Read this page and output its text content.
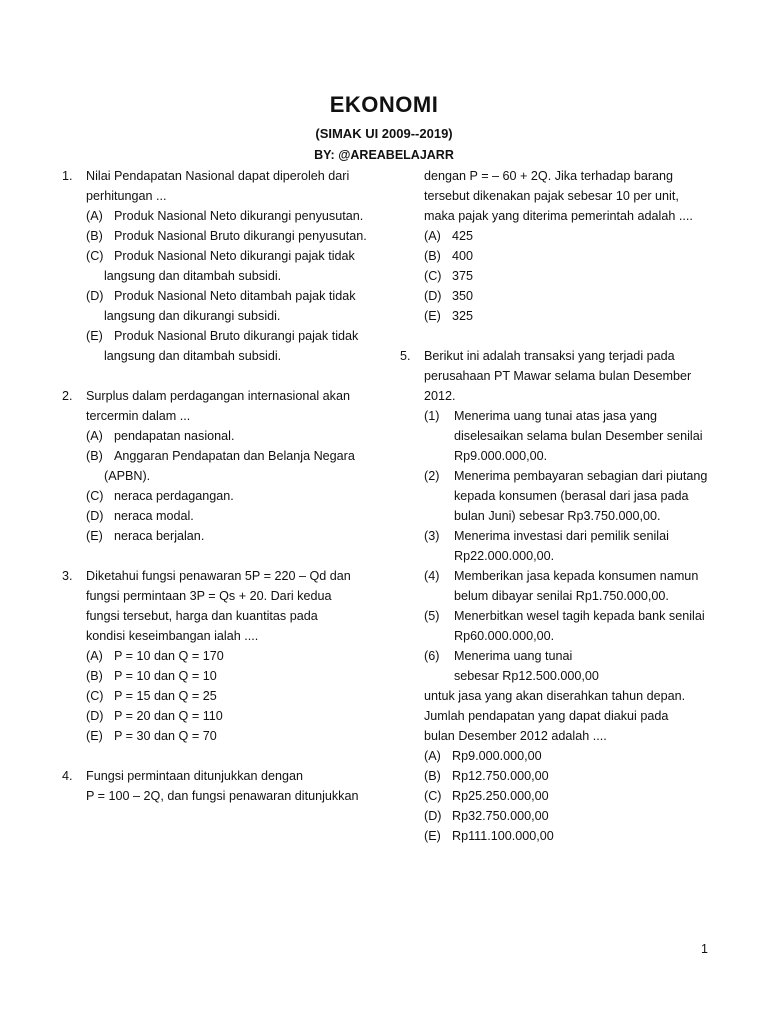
EKONOMI
(SIMAK UI 2009--2019)
BY: @AREABELAJARR
1.	Nilai Pendapatan Nasional dapat diperoleh dari
perhitungan ...
(A) Produk Nasional Neto dikurangi penyusutan.
(B) Produk Nasional Bruto dikurangi penyusutan.
(C) Produk Nasional Neto dikurangi pajak tidak
langsung dan ditambah subsidi.
(D) Produk Nasional Neto ditambah pajak tidak
langsung dan dikurangi subsidi.
(E) Produk Nasional Bruto dikurangi pajak tidak
langsung dan ditambah subsidi.
2.	Surplus dalam perdagangan internasional akan
tercermin dalam ...
(A) pendapatan nasional.
(B) Anggaran Pendapatan dan Belanja Negara
(APBN).
(C) neraca perdagangan.
(D) neraca modal.
(E) neraca berjalan.
3.	Diketahui fungsi penawaran 5P = 220 – Qd dan
fungsi permintaan 3P = Qs + 20. Dari kedua
fungsi tersebut, harga dan kuantitas pada
kondisi keseimbangan ialah ....
(A) P = 10 dan Q = 170
(B) P = 10 dan Q = 10
(C) P = 15 dan Q = 25
(D) P = 20 dan Q = 110
(E) P = 30 dan Q = 70
4.	Fungsi permintaan ditunjukkan dengan
P = 100 – 2Q, dan fungsi penawaran ditunjukkan
dengan P = – 60 + 2Q. Jika terhadap barang
tersebut dikenakan pajak sebesar 10 per unit,
maka pajak yang diterima pemerintah adalah ....
(A) 425
(B) 400
(C) 375
(D) 350
(E) 325
5.	Berikut ini adalah transaksi yang terjadi pada
perusahaan PT Mawar selama bulan Desember
2012.
(1)	Menerima uang tunai atas jasa yang
diselesaikan selama bulan Desember senilai
Rp9.000.000,00.
(2)	Menerima pembayaran sebagian dari piutang
kepada konsumen (berasal dari jasa pada
bulan Juni) sebesar Rp3.750.000,00.
(3)	Menerima investasi dari pemilik senilai
Rp22.000.000,00.
(4)	Memberikan jasa kepada konsumen namun
belum dibayar senilai Rp1.750.000,00.
(5)	Menerbitkan wesel tagih kepada bank senilai
Rp60.000.000,00.
(6)	Menerima uang tunai
sebesar Rp12.500.000,00
untuk jasa yang akan diserahkan tahun depan.
Jumlah pendapatan yang dapat diakui pada
bulan Desember 2012 adalah ....
(A) Rp9.000.000,00
(B) Rp12.750.000,00
(C) Rp25.250.000,00
(D) Rp32.750.000,00
(E) Rp111.100.000,00
1
